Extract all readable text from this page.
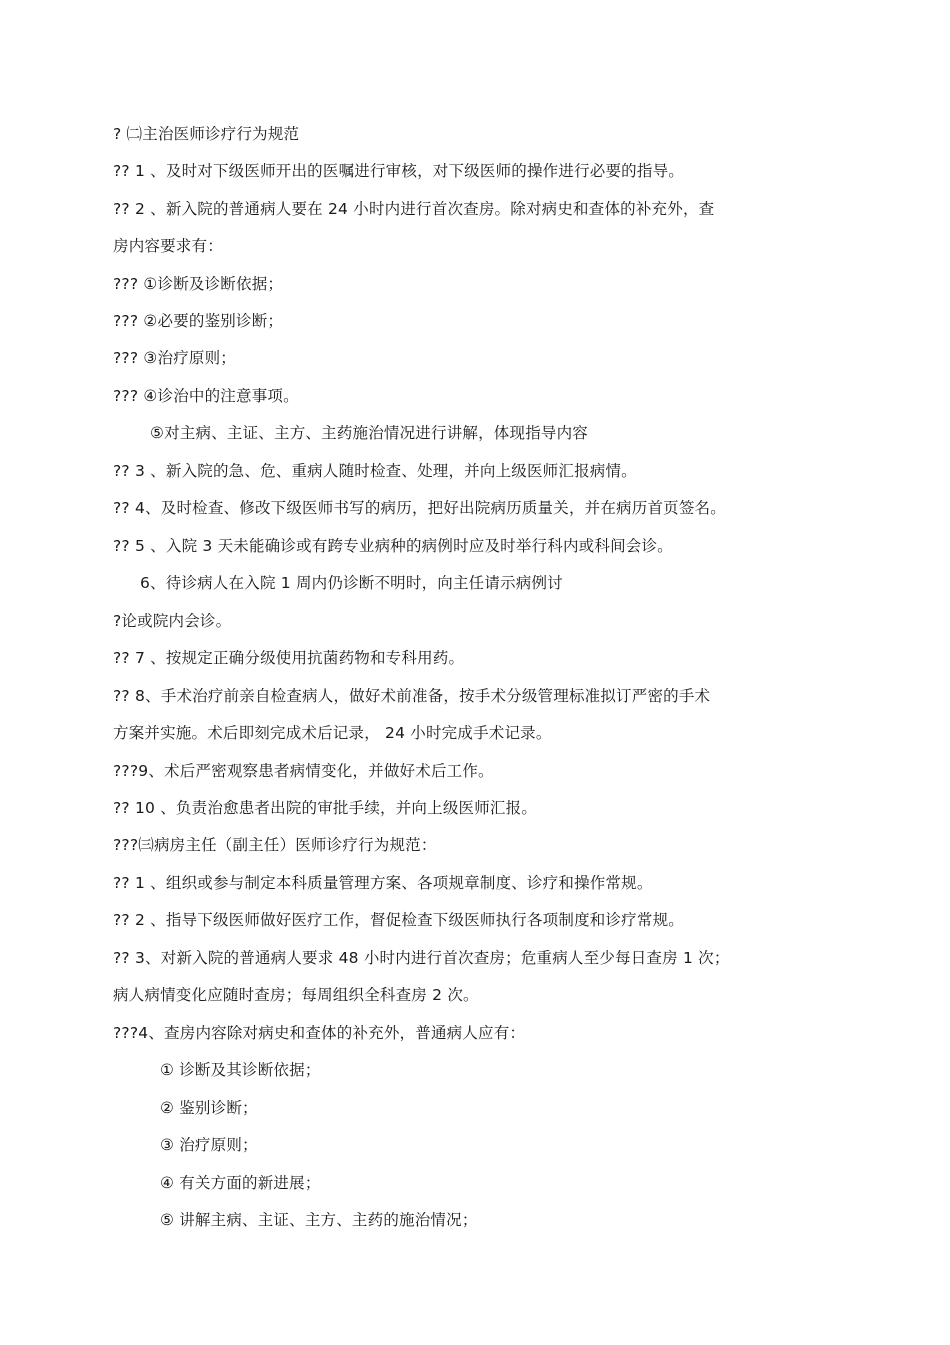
? ㈡主治医师诊疗行为规范
?? 1 、及时对下级医师开出的医嘱进行审核，对下级医师的操作进行必要的指导。
?? 2 、新入院的普通病人要在 24 小时内进行首次查房。除对病史和查体的补充外，查
房内容要求有：
??? ①诊断及诊断依据；
??? ②必要的鉴别诊断；
??? ③治疗原则；
??? ④诊治中的注意事项。
⑤对主病、主证、主方、主药施治情况进行讲解，体现指导内容
?? 3 、新入院的急、危、重病人随时检查、处理，并向上级医师汇报病情。
?? 4、及时检查、修改下级医师书写的病历，把好出院病历质量关，并在病历首页签名。
?? 5 、入院 3 天未能确诊或有跨专业病种的病例时应及时举行科内或科间会诊。
6、待诊病人在入院 1 周内仍诊断不明时，向主任请示病例讨
?论或院内会诊。
?? 7 、按规定正确分级使用抗菌药物和专科用药。
?? 8、手术治疗前亲自检查病人，做好术前准备，按手术分级管理标准拟订严密的手术
方案并实施。术后即刻完成术后记录， 24 小时完成手术记录。
???9、术后严密观察患者病情变化，并做好术后工作。
?? 10 、负责治愈患者出院的审批手续，并向上级医师汇报。
???㈢病房主任（副主任）医师诊疗行为规范：
?? 1 、组织或参与制定本科质量管理方案、各项规章制度、诊疗和操作常规。
?? 2 、指导下级医师做好医疗工作，督促检查下级医师执行各项制度和诊疗常规。
?? 3、对新入院的普通病人要求 48 小时内进行首次查房；危重病人至少每日查房 1 次；
病人病情变化应随时查房；每周组织全科查房 2 次。
???4、查房内容除对病史和查体的补充外，普通病人应有：
① 诊断及其诊断依据；
② 鉴别诊断；
③ 治疗原则；
④ 有关方面的新进展；
⑤ 讲解主病、主证、主方、主药的施治情况；
